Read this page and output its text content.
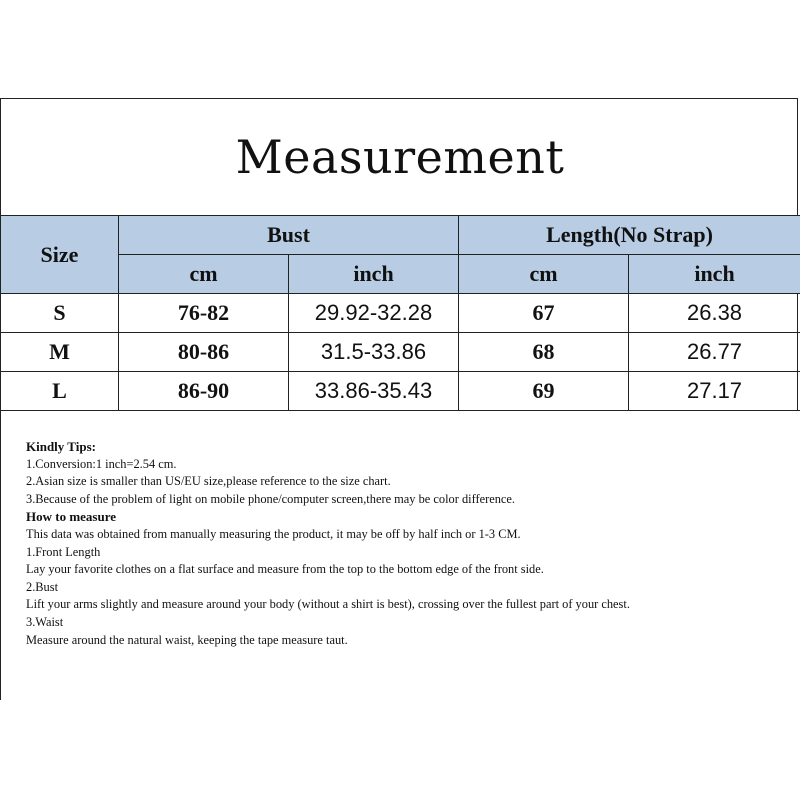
Measurement
Size	Bust		Length(No Strap)	
	cm	inch	cm	inch
S	76-82	29.92-32.28	67	26.38
M	80-86	31.5-33.86	68	26.77
L	86-90	33.86-35.43	69	27.17
Kindly Tips:
1.Conversion:1 inch=2.54 cm.
2.Asian size is smaller than US/EU size,please reference to the size chart.
3.Because of the problem of light on mobile phone/computer screen,there may be color difference.
How to measure
This data was obtained from manually measuring the product, it may be off by half inch or 1-3 CM.
1.Front Length
Lay your favorite clothes on a flat surface and measure from the top to the bottom edge of the front side.
2.Bust
Lift your arms slightly and measure around your body (without a shirt is best), crossing over the fullest part of your chest.
3.Waist
Measure around the natural waist, keeping the tape measure taut.
